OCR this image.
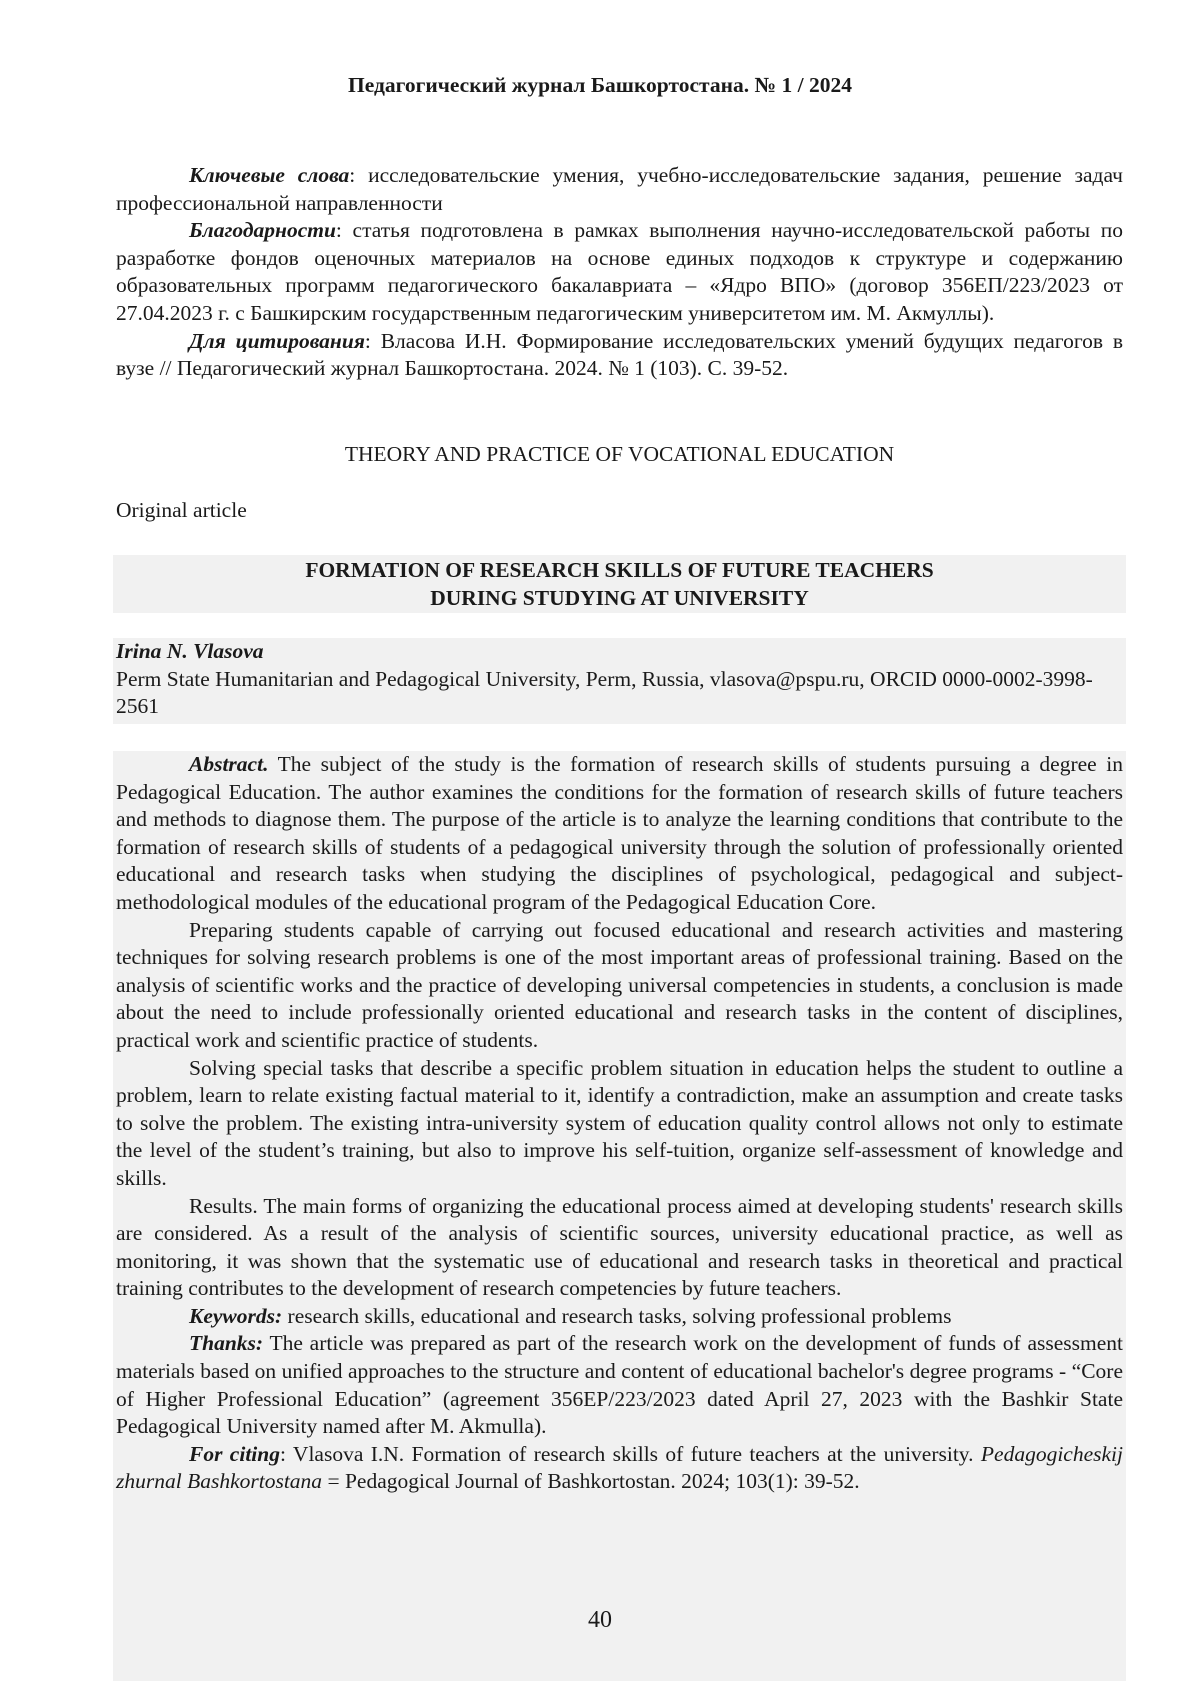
Педагогический журнал Башкортостана. № 1 / 2024

Ключевые слова: исследовательские умения, учебно-исследовательские задания, решение задач профессиональной направленности

Благодарности: статья подготовлена в рамках выполнения научно-исследовательской работы по разработке фондов оценочных материалов на основе единых подходов к структуре и содержанию образовательных программ педагогического бакалавриата – «Ядро ВПО» (договор 356ЕП/223/2023 от 27.04.2023 г. с Башкирским государственным педагогическим университетом им. М. Акмуллы).

Для цитирования: Власова И.Н. Формирование исследовательских умений будущих педагогов в вузе // Педагогический журнал Башкортостана. 2024. № 1 (103). С. 39-52.

THEORY AND PRACTICE OF VOCATIONAL EDUCATION
Original article
FORMATION OF RESEARCH SKILLS OF FUTURE TEACHERS
DURING STUDYING AT UNIVERSITY
Irina N. Vlasova
Perm State Humanitarian and Pedagogical University, Perm, Russia, vlasova@pspu.ru, ORCID 0000-0002-3998-2561

Abstract. The subject of the study is the formation of research skills of students pursuing a degree in Pedagogical Education. The author examines the conditions for the formation of research skills of future teachers and methods to diagnose them. The purpose of the article is to analyze the learning conditions that contribute to the formation of research skills of students of a pedagogical university through the solution of professionally oriented educational and research tasks when studying the disciplines of psychological, pedagogical and subject-methodological modules of the educational program of the Pedagogical Education Core.

Preparing students capable of carrying out focused educational and research activities and mastering techniques for solving research problems is one of the most important areas of professional training. Based on the analysis of scientific works and the practice of developing universal competencies in students, a conclusion is made about the need to include professionally oriented educational and research tasks in the content of disciplines, practical work and scientific practice of students.

Solving special tasks that describe a specific problem situation in education helps the student to outline a problem, learn to relate existing factual material to it, identify a contradiction, make an assumption and create tasks to solve the problem. The existing intra-university system of education quality control allows not only to estimate the level of the student’s training, but also to improve his self-tuition, organize self-assessment of knowledge and skills.

Results. The main forms of organizing the educational process aimed at developing students' research skills are considered. As a result of the analysis of scientific sources, university educational practice, as well as monitoring, it was shown that the systematic use of educational and research tasks in theoretical and practical training contributes to the development of research competencies by future teachers.

Keywords: research skills, educational and research tasks, solving professional problems

Thanks: The article was prepared as part of the research work on the development of funds of assessment materials based on unified approaches to the structure and content of educational bachelor's degree programs - “Core of Higher Professional Education” (agreement 356EP/223/2023 dated April 27, 2023 with the Bashkir State Pedagogical University named after M. Akmulla).

For citing: Vlasova I.N. Formation of research skills of future teachers at the university. Pedagogicheskij zhurnal Bashkortostana = Pedagogical Journal of Bashkortostan. 2024; 103(1): 39-52.

40
